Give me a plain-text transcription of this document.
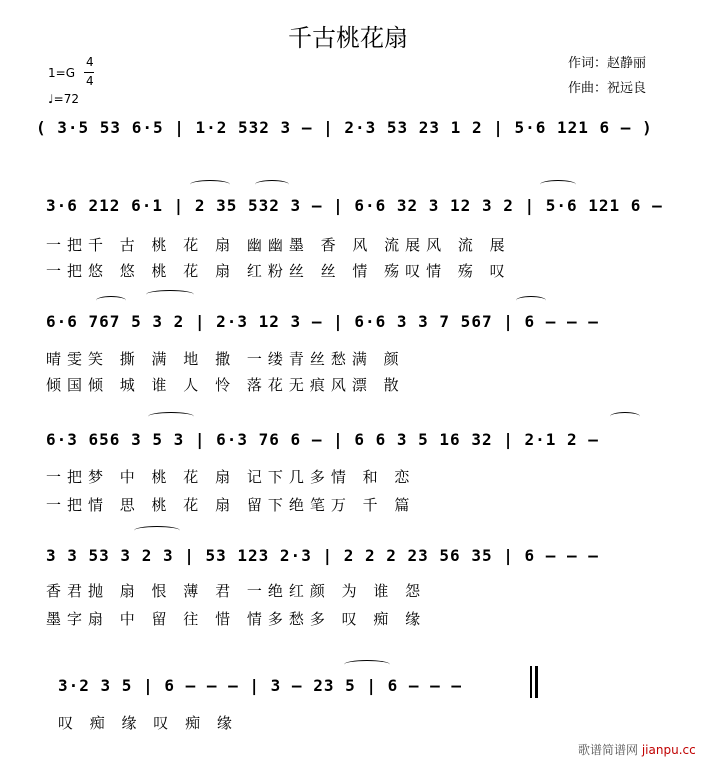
千古桃花扇
作词：赵静丽
作曲：祝远良
1=G
4
4
♩=72
( 3·5 53 6·5 | 1·2 532 3 – | 2·3 53 23 1 2 | 5·6 121 6 – )
3·6 212 6·1 | 2 35 532 3 – | 6·6 32 3 12 3 2 | 5·6 121 6 –
一把千 古 桃 花 扇 幽幽墨 香 风 流展风 流 展
一把悠 悠 桃 花 扇 红粉丝 丝 情 殇叹情 殇 叹
6·6 767 5 3 2 | 2·3 12 3 – | 6·6 3 3 7 567 | 6 – – –
晴雯笑 撕 满 地 撒 一缕青丝愁满 颜
倾国倾 城 谁 人 怜 落花无痕风漂 散
6·3 656 3 5 3 | 6·3 76 6 – | 6 6 3 5 16 32 | 2·1 2 –
一把梦 中 桃 花 扇 记下几多情 和 恋
一把情 思 桃 花 扇 留下绝笔万 千 篇
3 3 53 3 2 3 | 53 123 2·3 | 2 2 2 23 56 35 | 6 – – –
香君抛 扇 恨 薄 君 一绝红颜 为 谁 怨
墨字扇 中 留 往 惜 情多愁多 叹 痴 缘
3·2 3 5 | 6 – – – | 3 – 23 5 | 6 – – –
叹 痴 缘 叹 痴 缘
歌谱简谱网 jianpu.cc
